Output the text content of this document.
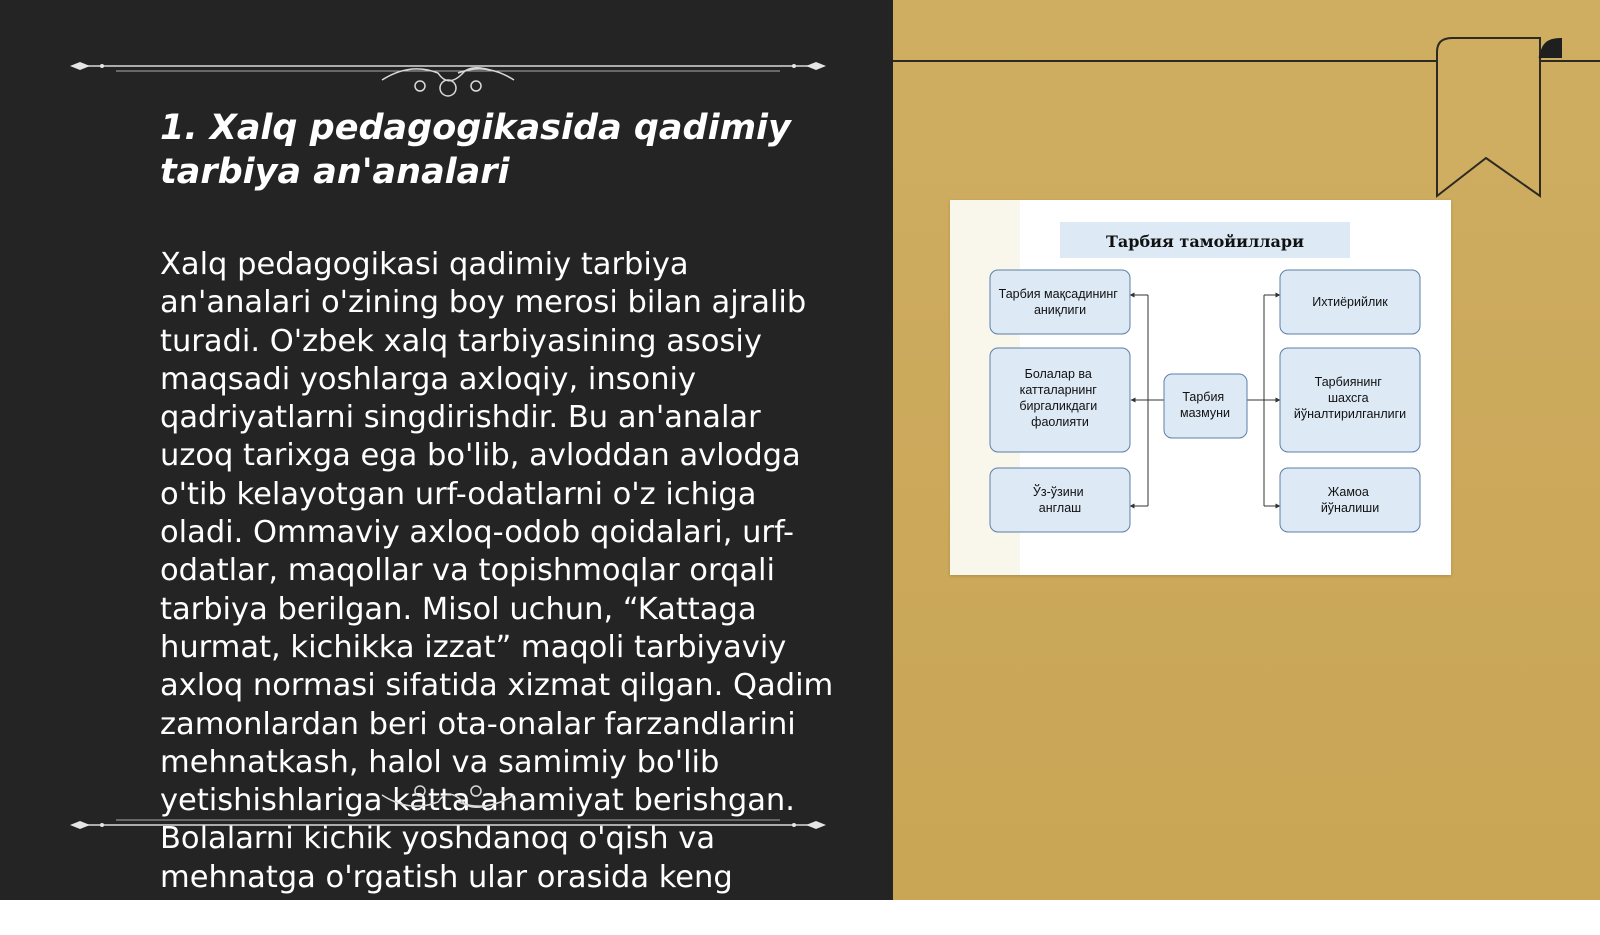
1. Xalq pedagogikasida qadimiy tarbiya an'analari

Xalq pedagogikasi qadimiy tarbiya an'analari o'zining boy merosi bilan ajralib turadi. O'zbek xalq tarbiyasining asosiy maqsadi yoshlarga axloqiy, insoniy qadriyatlarni singdirishdir. Bu an'analar uzoq tarixga ega bo'lib, avloddan avlodga o'tib kelayotgan urf-odatlarni o'z ichiga oladi. Ommaviy axloq-odob qoidalari, urf-odatlar, maqollar va topishmoqlar orqali tarbiya berilgan. Misol uchun, “Kattaga hurmat, kichikka izzat” maqoli tarbiyaviy axloq normasi sifatida xizmat qilgan. Qadim zamonlardan beri ota-onalar farzandlarini mehnatkash, halol va samimiy bo'lib yetishishlariga katta ahamiyat berishgan. Bolalarni kichik yoshdanoq o'qish va mehnatga o'rgatish ular orasida keng tarqalgan.

Тарбия тамойиллари
Тарбия мақсадининг аниқлиги
Болалар ва катталарнинг биргаликдаги фаолияти
Ўз-ўзини англаш
Тарбия мазмуни
Ихтиёрийлик
Тарбиянинг шахсга йўналтирилганлиги
Жамоа йўналиши
